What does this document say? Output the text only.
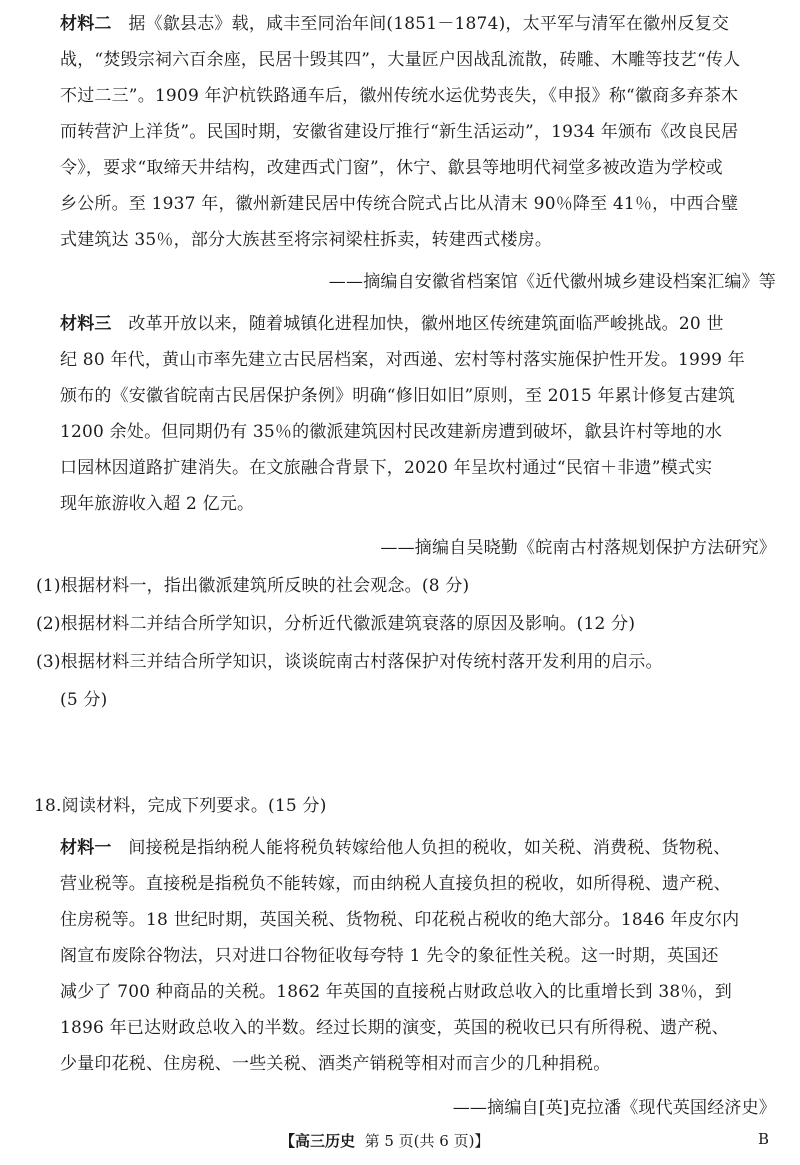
材料二 据《歙县志》载，咸丰至同治年间(1851－1874)，太平军与清军在徽州反复交
战，“焚毁宗祠六百余座，民居十毁其四”，大量匠户因战乱流散，砖雕、木雕等技艺“传人
不过二三”。1909 年沪杭铁路通车后，徽州传统水运优势丧失，《申报》称“徽商多弃茶木
而转营沪上洋货”。民国时期，安徽省建设厅推行“新生活运动”，1934 年颁布《改良民居
令》，要求“取缔天井结构，改建西式门窗”，休宁、歙县等地明代祠堂多被改造为学校或
乡公所。至 1937 年，徽州新建民居中传统合院式占比从清末 90％降至 41％，中西合璧
式建筑达 35％，部分大族甚至将宗祠梁柱拆卖，转建西式楼房。
——摘编自安徽省档案馆《近代徽州城乡建设档案汇编》等
材料三 改革开放以来，随着城镇化进程加快，徽州地区传统建筑面临严峻挑战。20 世
纪 80 年代，黄山市率先建立古民居档案，对西递、宏村等村落实施保护性开发。1999 年
颁布的《安徽省皖南古民居保护条例》明确“修旧如旧”原则，至 2015 年累计修复古建筑
1200 余处。但同期仍有 35％的徽派建筑因村民改建新房遭到破坏，歙县许村等地的水
口园林因道路扩建消失。在文旅融合背景下，2020 年呈坎村通过“民宿＋非遗”模式实
现年旅游收入超 2 亿元。
——摘编自吴晓勤《皖南古村落规划保护方法研究》
(1)根据材料一，指出徽派建筑所反映的社会观念。(8 分)
(2)根据材料二并结合所学知识，分析近代徽派建筑衰落的原因及影响。(12 分)
(3)根据材料三并结合所学知识，谈谈皖南古村落保护对传统村落开发利用的启示。
(5 分)
18.阅读材料，完成下列要求。(15 分)
材料一 间接税是指纳税人能将税负转嫁给他人负担的税收，如关税、消费税、货物税、
营业税等。直接税是指税负不能转嫁，而由纳税人直接负担的税收，如所得税、遗产税、
住房税等。18 世纪时期，英国关税、货物税、印花税占税收的绝大部分。1846 年皮尔内
阁宣布废除谷物法，只对进口谷物征收每夸特 1 先令的象征性关税。这一时期，英国还
减少了 700 种商品的关税。1862 年英国的直接税占财政总收入的比重增长到 38％，到
1896 年已达财政总收入的半数。经过长期的演变，英国的税收已只有所得税、遗产税、
少量印花税、住房税、一些关税、酒类产销税等相对而言少的几种捐税。
——摘编自[英]克拉潘《现代英国经济史》
【高三历史 第 5 页(共 6 页)】	B
